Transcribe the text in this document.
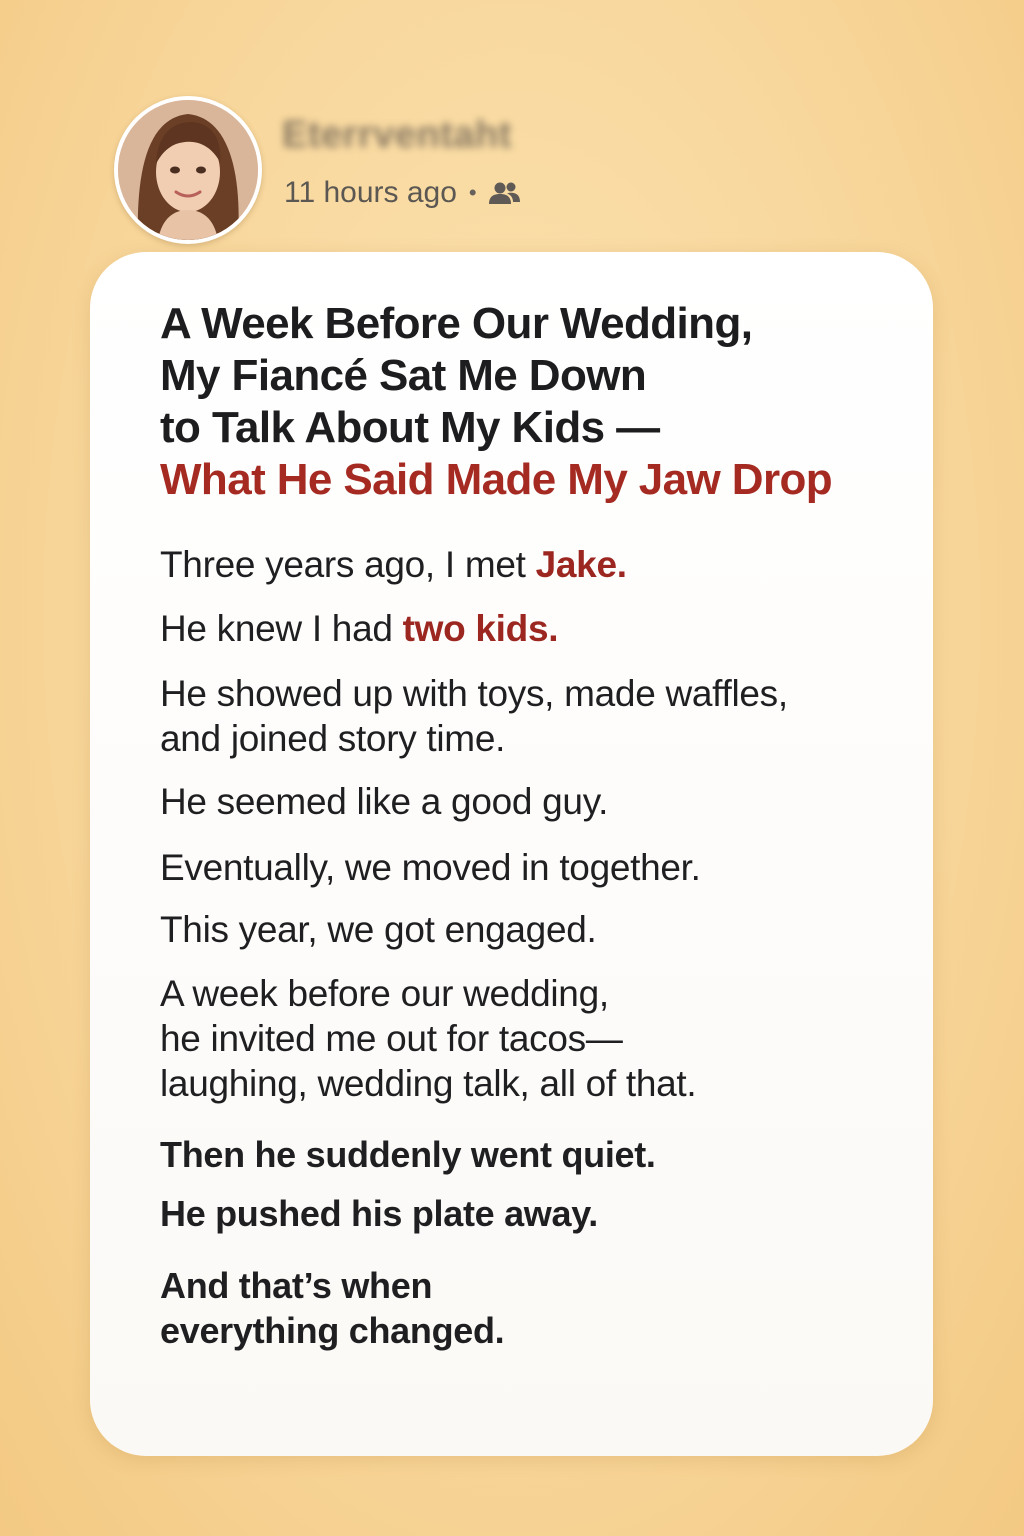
Eterrventaht
11 hours ago •
A Week Before Our Wedding,
My Fiancé Sat Me Down
to Talk About My Kids —
What He Said Made My Jaw Drop

Three years ago, I met Jake.

He knew I had two kids.

He showed up with toys, made waffles,
and joined story time.

He seemed like a good guy.

Eventually, we moved in together.

This year, we got engaged.

A week before our wedding,
he invited me out for tacos—
laughing, wedding talk, all of that.

Then he suddenly went quiet.

He pushed his plate away.

And that’s when
everything changed.
